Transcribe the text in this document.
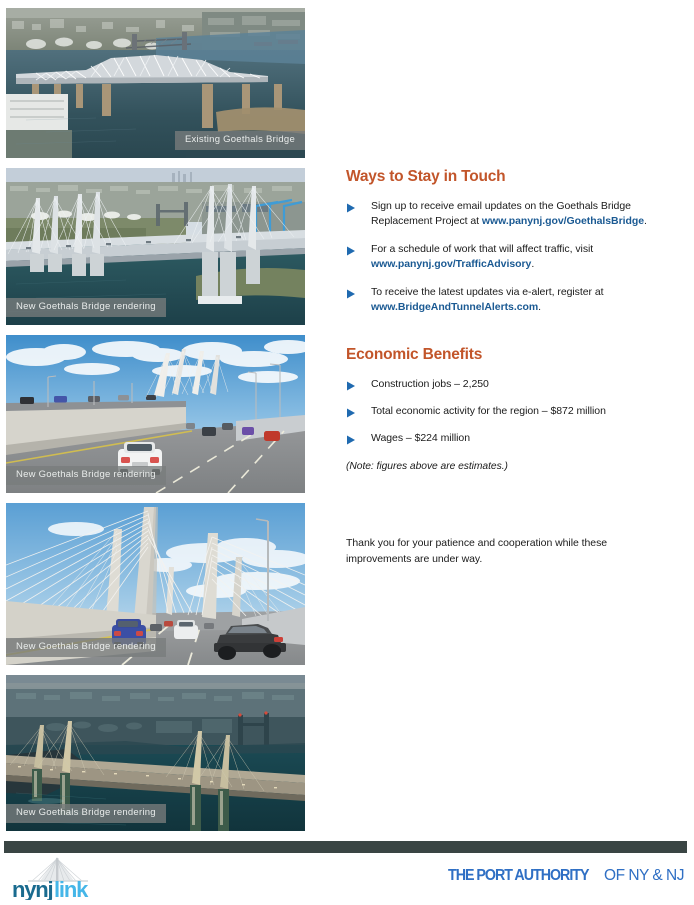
Existing Goethals Bridge
New Goethals Bridge rendering
New Goethals Bridge rendering
New Goethals Bridge rendering
New Goethals Bridge rendering
Ways to Stay in Touch
Sign up to receive email updates on the Goethals Bridge Replacement Project at www.panynj.gov/GoethalsBridge.
For a schedule of work that will affect traffic, visit www.panynj.gov/TrafficAdvisory.
To receive the latest updates via e-alert, register at www.BridgeAndTunnelAlerts.com.
Economic Benefits
Construction jobs – 2,250
Total economic activity for the region – $872 million
Wages – $224 million
(Note: figures above are estimates.)
Thank you for your patience and cooperation while these improvements are under way.
nynj link
THE PORT AUTHORITY OF NY & NJ
